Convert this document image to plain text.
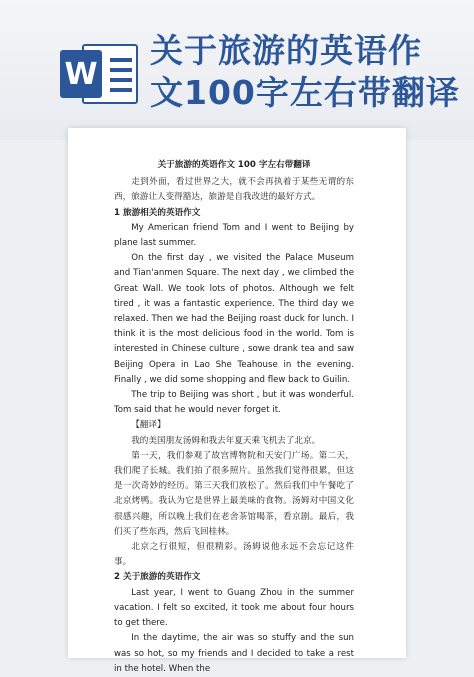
W
关于旅游的英语作
文100字左右带翻译
关于旅游的英语作文 100 字左右带翻译

走到外面，看过世界之大，就不会再执着于某些无谓的东西，旅游让人变得豁达，旅游是自我改进的最好方式。

1 旅游相关的英语作文

My American friend Tom and I went to Beijing by plane last summer.

On the first day , we visited the Palace Museum and Tian'anmen Square. The next day , we climbed the Great Wall. We took lots of photos. Although we felt tired , it was a fantastic experience. The third day we relaxed. Then we had the Beijing roast duck for lunch. I think it is the most delicious food in the world. Tom is interested in Chinese culture , sowe drank tea and saw Beijing Opera in Lao She Teahouse in the evening. Finally , we did some shopping and flew back to Guilin.

The trip to Beijing was short , but it was wonderful. Tom said that he would never forget it.

【翻译】

我的美国朋友汤姆和我去年夏天乘飞机去了北京。

第一天，我们参观了故宫博物院和天安门广场。第二天，我们爬了长城。我们拍了很多照片。虽然我们觉得很累，但这是一次奇妙的经历。第三天我们放松了。然后我们中午餐吃了北京烤鸭。我认为它是世界上最美味的食物。汤姆对中国文化很感兴趣，所以晚上我们在老舍茶馆喝茶，看京剧。最后，我们买了些东西，然后飞回桂林。

北京之行很短，但很精彩。汤姆说他永远不会忘记这件事。

2 关于旅游的英语作文

Last year, I went to Guang Zhou in the summer vacation. I felt so excited, it took me about four hours to get there.

In the daytime, the air was so stuffy and the sun was so hot, so my friends and I decided to take a rest in the hotel. When the
